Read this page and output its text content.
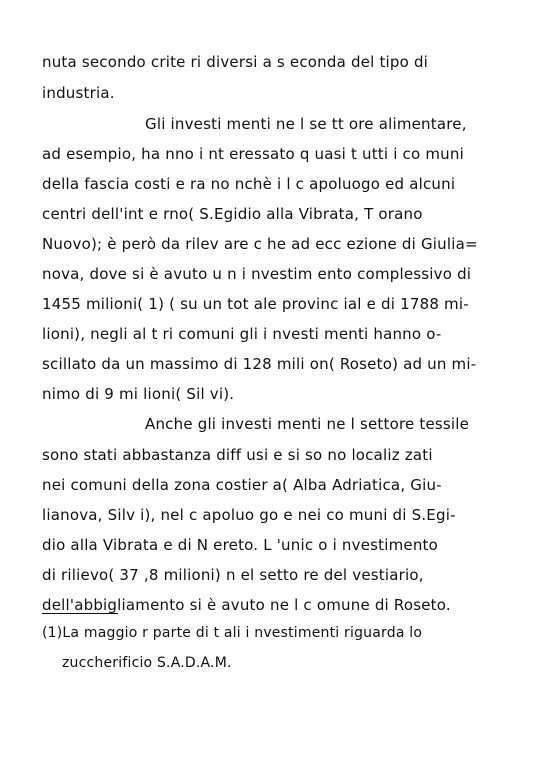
nuta secondo crite ri diversi a s econda del tipo di
industria.
Gli investi menti ne l se tt ore alimentare,
ad esempio, ha nno i nt eressato q uasi t utti i co muni
della fascia costi e ra no nchè i l c apoluogo ed alcuni
centri dell'int e rno( S.Egidio alla Vibrata, T orano
Nuovo); è però da rilev are c he ad ecc ezione di Giulia=
nova, dove si è avuto u n i nvestim ento complessivo di
1455 milioni( 1) ( su un tot ale provinc ial e di 1788 mi-
lioni), negli al t ri comuni gli i nvesti menti hanno o-
scillato da un massimo di 128 mili on( Roseto) ad un mi-
nimo di 9 mi lioni( Sil vi).
Anche gli investi menti ne l settore tessile
sono stati abbastanza diff usi e si so no localiz zati
nei comuni della zona costier a( Alba Adriatica, Giu-
lianova, Silv i), nel c apoluo go e nei co muni di S.Egi-
dio alla Vibrata e di N ereto. L 'unic o i nvestimento
di rilievo( 37 ,8 milioni) n el setto re del vestiario,
dell'abbigliamento si è avuto ne l c omune di Roseto.
(1)La maggio r parte di t ali i nvestimenti riguarda lo
zuccherificio S.A.D.A.M.
